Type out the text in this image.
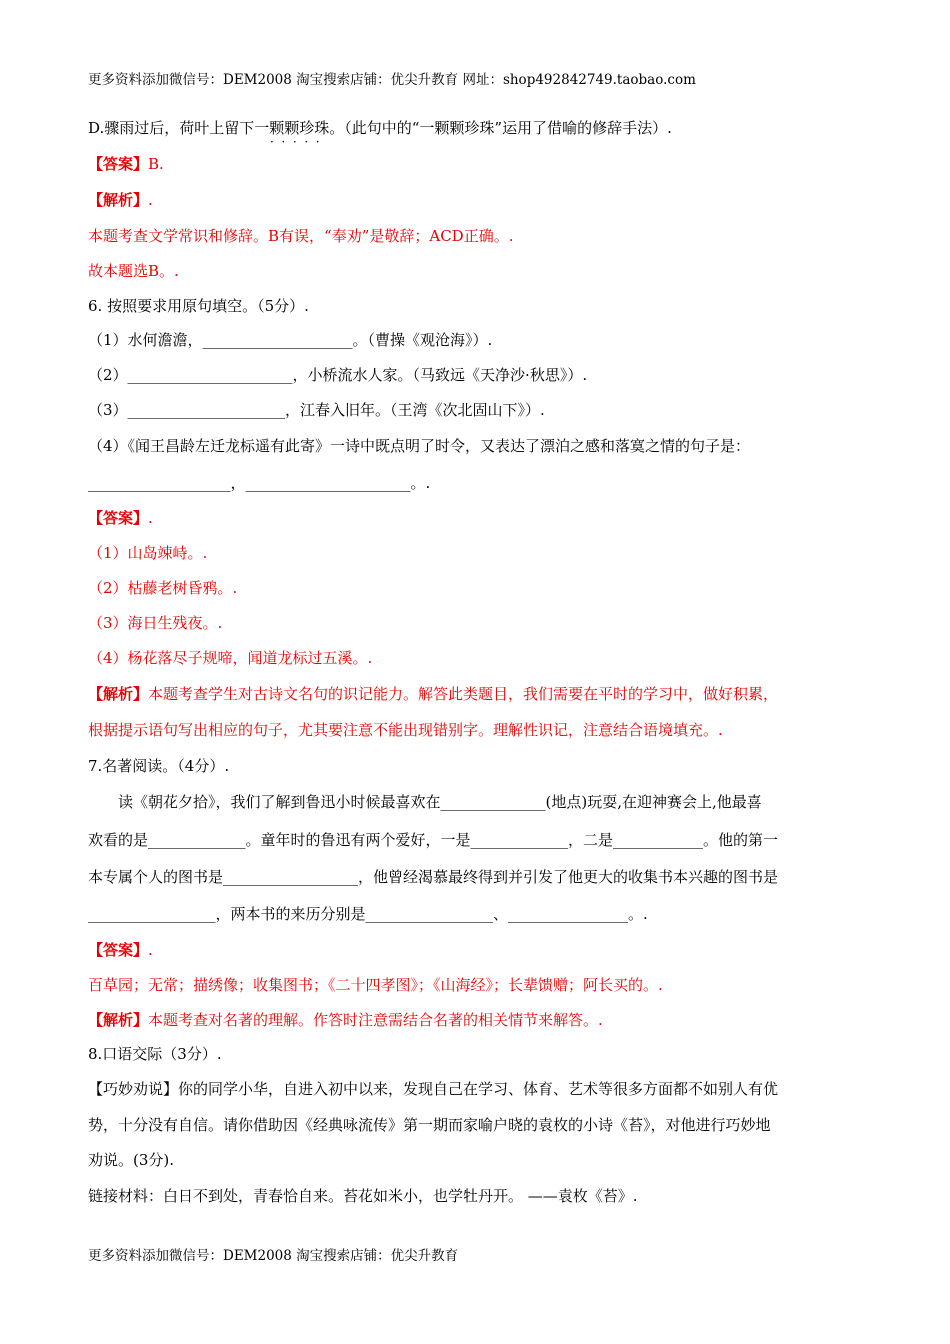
更多资料添加微信号：DEM2008 淘宝搜索店铺：优尖升教育 网址：shop492842749.taobao.com
D.骤雨过后，荷叶上留下一颗颗珍珠。（此句中的“一颗颗珍珠”运用了借喻的修辞手法）.
·  ·  ·  ·  ·
【答案】B.
【解析】.
本题考查文学常识和修辞。B有误，“奉劝”是敬辞；ACD正确。.
故本题选B。.
6. 按照要求用原句填空。（5分）.
（1）水何澹澹，____________________。（曹操《观沧海》）.
（2）______________________，小桥流水人家。（马致远《天净沙·秋思》）.
（3）_____________________，江春入旧年。（王湾《次北固山下》）.
（4）《闻王昌龄左迁龙标遥有此寄》一诗中既点明了时令，又表达了漂泊之感和落寞之情的句子是：
___________________，______________________。.
【答案】.
（1）山岛竦峙。.
（2）枯藤老树昏鸦。.
（3）海日生残夜。.
（4）杨花落尽子规啼，闻道龙标过五溪。.
【解析】本题考查学生对古诗文名句的识记能力。解答此类题目，我们需要在平时的学习中，做好积累，
根据提示语句写出相应的句子，尤其要注意不能出现错别字。理解性识记，注意结合语境填充。.
7.名著阅读。（4分）.
读《朝花夕拾》，我们了解到鲁迅小时候最喜欢在______________(地点)玩耍,在迎神赛会上,他最喜
欢看的是_____________。童年时的鲁迅有两个爱好，一是_____________，二是____________。他的第一
本专属个人的图书是__________________，他曾经渴慕最终得到并引发了他更大的收集书本兴趣的图书是
_________________，两本书的来历分别是_________________、________________。.
【答案】.
百草园；无常；描绣像；收集图书；《二十四孝图》；《山海经》；长辈馈赠；阿长买的。.
【解析】本题考查对名著的理解。作答时注意需结合名著的相关情节来解答。.
8.口语交际（3分）.
【巧妙劝说】你的同学小华，自进入初中以来，发现自己在学习、体育、艺术等很多方面都不如别人有优
势，十分没有自信。请你借助因《经典咏流传》第一期而家喻户晓的袁枚的小诗《苔》，对他进行巧妙地
劝说。(3分).
链接材料：白日不到处，青春恰自来。苔花如米小，也学牡丹开。 ——袁枚《苔》.
更多资料添加微信号：DEM2008 淘宝搜索店铺：优尖升教育
